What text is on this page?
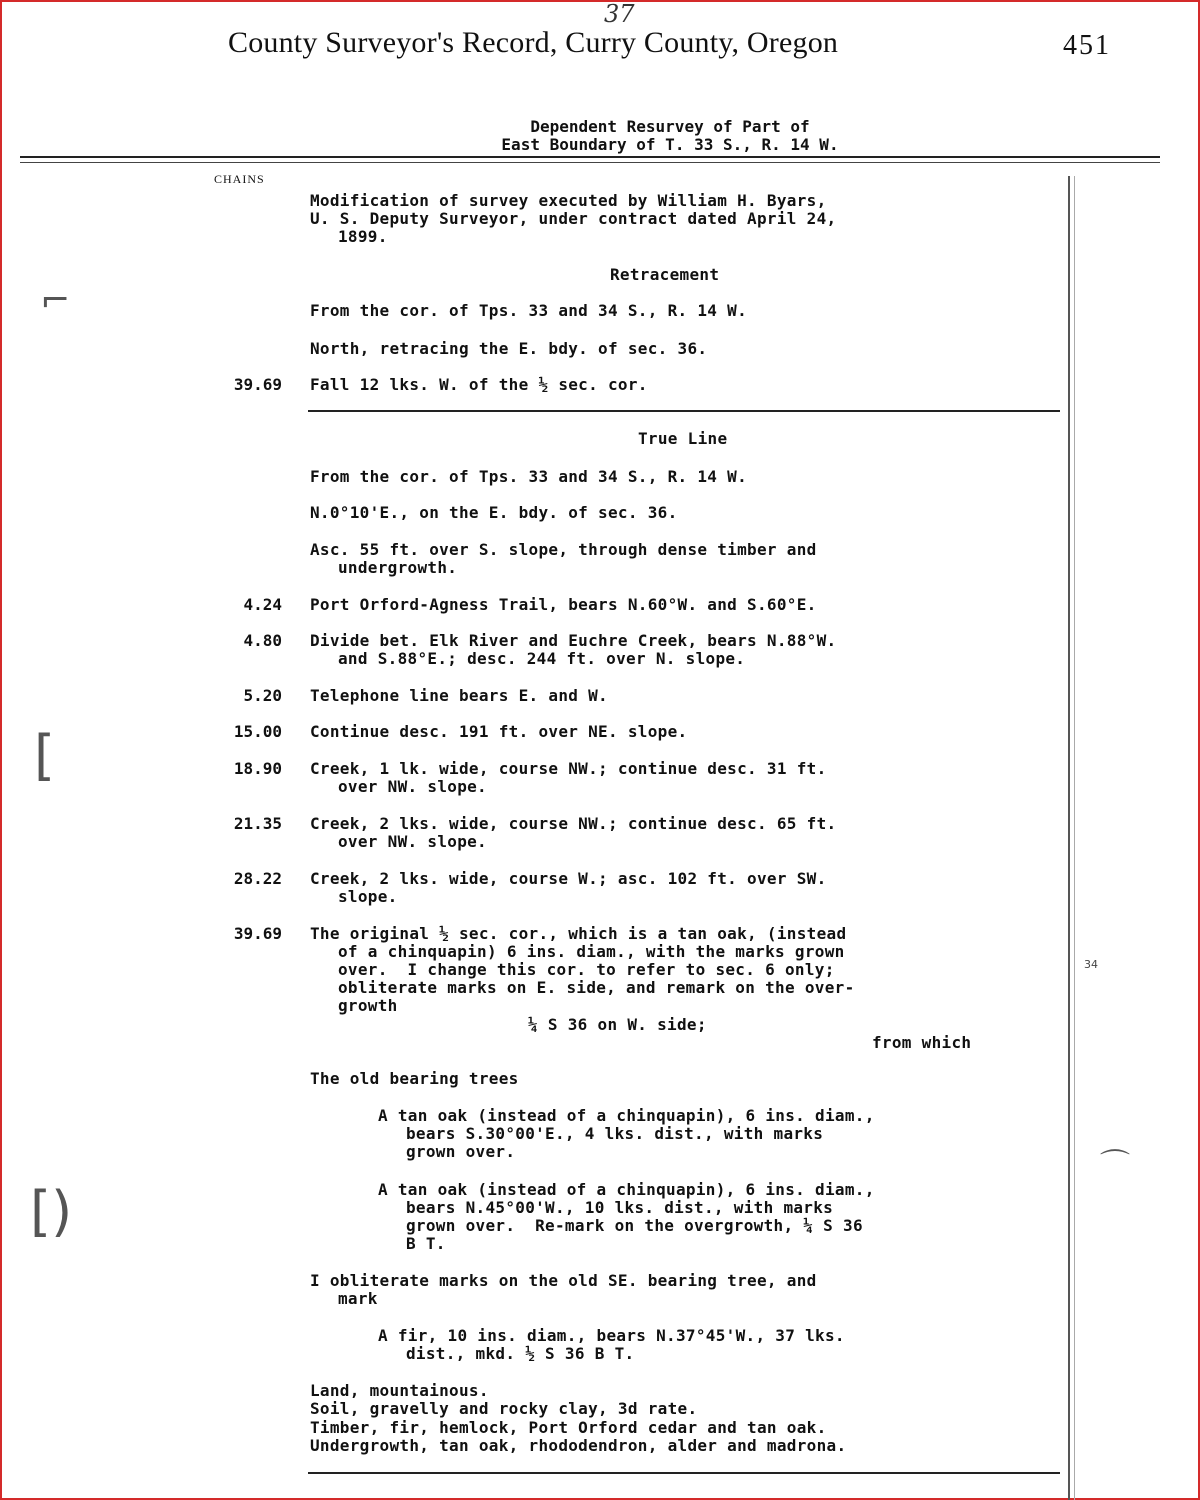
37
County Surveyor's Record, Curry County, Oregon	451
Dependent Resurvey of Part of
East Boundary of T. 33 S., R. 14 W.
CHAINS
⌐
[
[)
⌒
Modification of survey executed by William H. Byars,
U. S. Deputy Surveyor, under contract dated April 24,
1899.
Retracement
From the cor. of Tps. 33 and 34 S., R. 14 W.
North, retracing the E. bdy. of sec. 36.
39.69 Fall 12 lks. W. of the ½ sec. cor.
True Line
From the cor. of Tps. 33 and 34 S., R. 14 W.
N.0°10'E., on the E. bdy. of sec. 36.
Asc. 55 ft. over S. slope, through dense timber and
undergrowth.
4.24 Port Orford-Agness Trail, bears N.60°W. and S.60°E.
4.80 Divide bet. Elk River and Euchre Creek, bears N.88°W.
and S.88°E.; desc. 244 ft. over N. slope.
5.20 Telephone line bears E. and W.
15.00 Continue desc. 191 ft. over NE. slope.
18.90 Creek, 1 lk. wide, course NW.; continue desc. 31 ft.
over NW. slope.
21.35 Creek, 2 lks. wide, course NW.; continue desc. 65 ft.
over NW. slope.
28.22 Creek, 2 lks. wide, course W.; asc. 102 ft. over SW.
slope.
39.69 The original ½ sec. cor., which is a tan oak, (instead
of a chinquapin) 6 ins. diam., with the marks grown
over.  I change this cor. to refer to sec. 6 only;
obliterate marks on E. side, and remark on the over-
growth
34
¼ S 36 on W. side;
from which
The old bearing trees
A tan oak (instead of a chinquapin), 6 ins. diam.,
bears S.30°00'E., 4 lks. dist., with marks
grown over.
A tan oak (instead of a chinquapin), 6 ins. diam.,
bears N.45°00'W., 10 lks. dist., with marks
grown over.  Re-mark on the overgrowth, ¼ S 36
B T.
I obliterate marks on the old SE. bearing tree, and
mark
A fir, 10 ins. diam., bears N.37°45'W., 37 lks.
dist., mkd. ½ S 36 B T.
Land, mountainous.
Soil, gravelly and rocky clay, 3d rate.
Timber, fir, hemlock, Port Orford cedar and tan oak.
Undergrowth, tan oak, rhododendron, alder and madrona.
